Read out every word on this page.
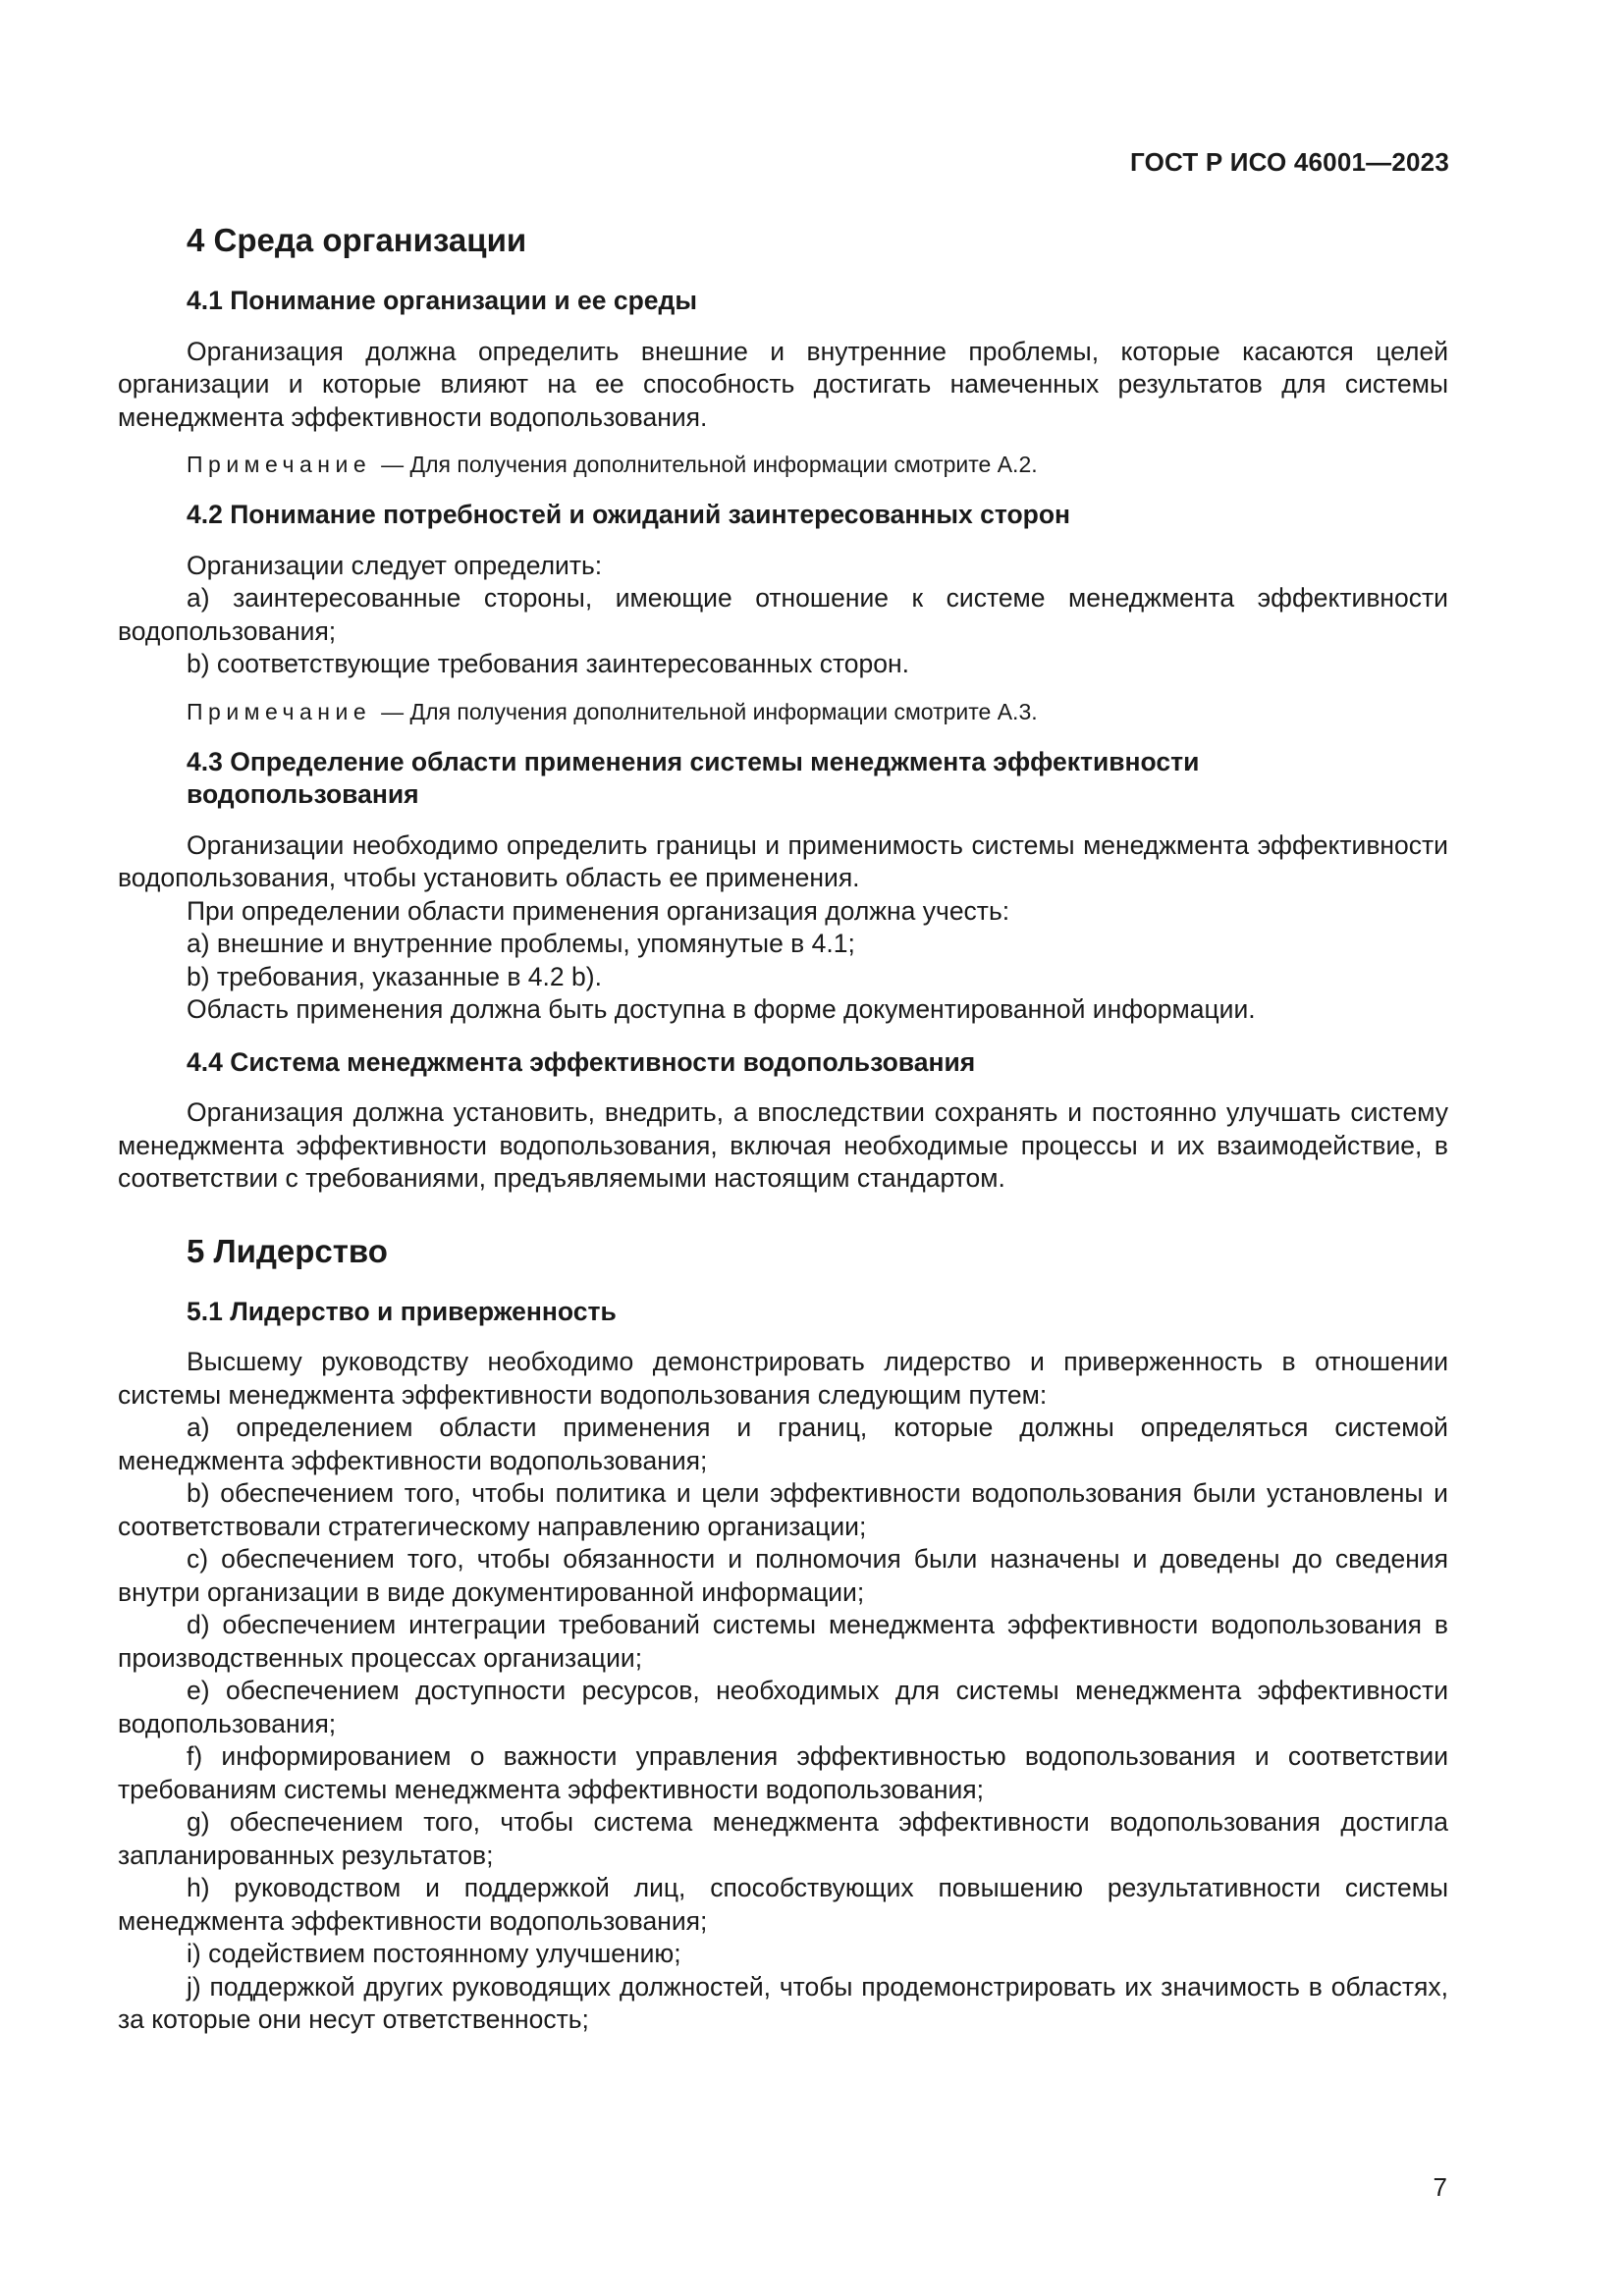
ГОСТ Р ИСО 46001—2023
4 Среда организации
4.1 Понимание организации и ее среды

Организация должна определить внешние и внутренние проблемы, которые касаются целей организации и которые влияют на ее способность достигать намеченных результатов для системы менеджмента эффективности водопользования.

Примечание — Для получения дополнительной информации смотрите А.2.
4.2 Понимание потребностей и ожиданий заинтересованных сторон

Организации следует определить:

а) заинтересованные стороны, имеющие отношение к системе менеджмента эффективности водопользования;

b) соответствующие требования заинтересованных сторон.

Примечание — Для получения дополнительной информации смотрите А.3.
4.3 Определение области применения системы менеджмента эффективности
водопользования

Организации необходимо определить границы и применимость системы менеджмента эффективности водопользования, чтобы установить область ее применения.

При определении области применения организация должна учесть:

а) внешние и внутренние проблемы, упомянутые в 4.1;

b) требования, указанные в 4.2 b).

Область применения должна быть доступна в форме документированной информации.

4.4 Система менеджмента эффективности водопользования

Организация должна установить, внедрить, а впоследствии сохранять и постоянно улучшать систему менеджмента эффективности водопользования, включая необходимые процессы и их взаимодействие, в соответствии с требованиями, предъявляемыми настоящим стандартом.

5 Лидерство
5.1 Лидерство и приверженность

Высшему руководству необходимо демонстрировать лидерство и приверженность в отношении системы менеджмента эффективности водопользования следующим путем:

а) определением области применения и границ, которые должны определяться системой менеджмента эффективности водопользования;

b) обеспечением того, чтобы политика и цели эффективности водопользования были установлены и соответствовали стратегическому направлению организации;

с) обеспечением того, чтобы обязанности и полномочия были назначены и доведены до сведения внутри организации в виде документированной информации;

d) обеспечением интеграции требований системы менеджмента эффективности водопользования в производственных процессах организации;

е) обеспечением доступности ресурсов, необходимых для системы менеджмента эффективности водопользования;

f) информированием о важности управления эффективностью водопользования и соответствии требованиям системы менеджмента эффективности водопользования;

g) обеспечением того, чтобы система менеджмента эффективности водопользования достигла запланированных результатов;

h) руководством и поддержкой лиц, способствующих повышению результативности системы менеджмента эффективности водопользования;

i) содействием постоянному улучшению;

j) поддержкой других руководящих должностей, чтобы продемонстрировать их значимость в областях, за которые они несут ответственность;

7
